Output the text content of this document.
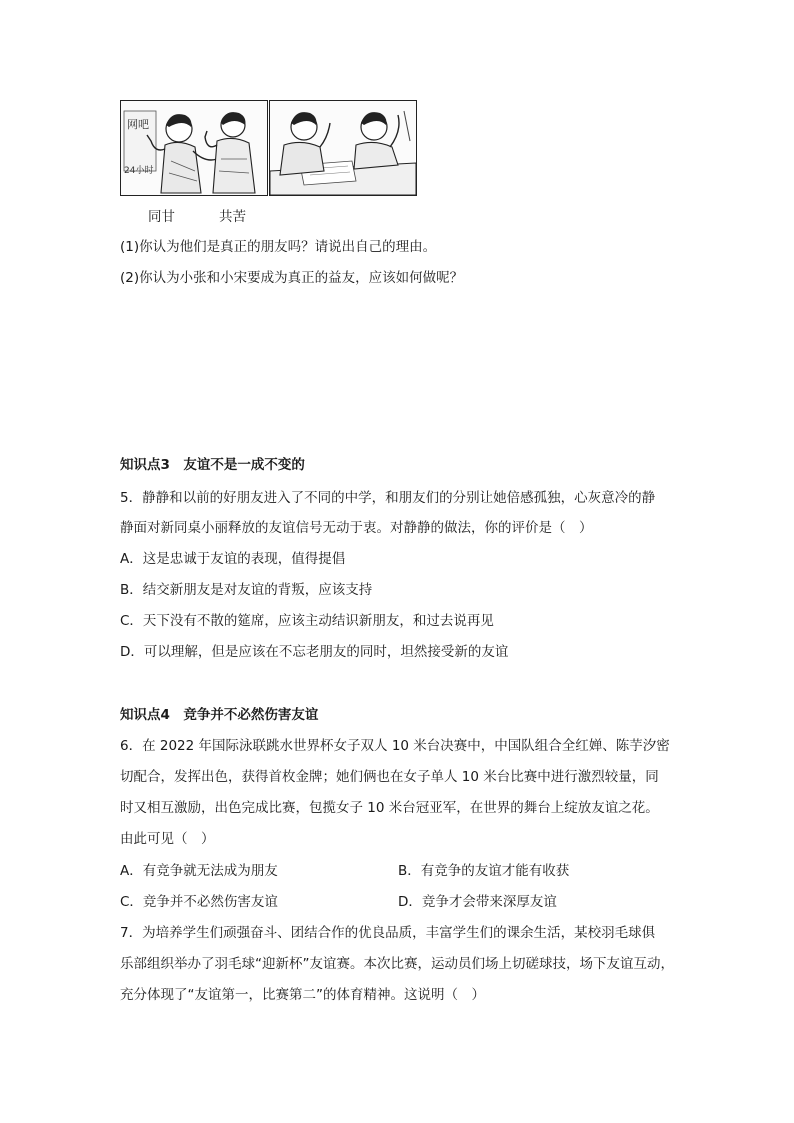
网吧
24小时
同甘	共苦
(1)你认为他们是真正的朋友吗？请说出自己的理由。
(2)你认为小张和小宋要成为真正的益友，应该如何做呢？
知识点3　友谊不是一成不变的
5．静静和以前的好朋友进入了不同的中学，和朋友们的分别让她倍感孤独，心灰意冷的静
静面对新同桌小丽释放的友谊信号无动于衷。对静静的做法，你的评价是（　）
A．这是忠诚于友谊的表现，值得提倡
B．结交新朋友是对友谊的背叛，应该支持
C．天下没有不散的筵席，应该主动结识新朋友，和过去说再见
D．可以理解，但是应该在不忘老朋友的同时，坦然接受新的友谊
知识点4　竞争并不必然伤害友谊
6．在 2022 年国际泳联跳水世界杯女子双人 10 米台决赛中，中国队组合全红婵、陈芋汐密
切配合，发挥出色，获得首枚金牌；她们俩也在女子单人 10 米台比赛中进行激烈较量，同
时又相互激励，出色完成比赛，包揽女子 10 米台冠亚军，在世界的舞台上绽放友谊之花。
由此可见（　）
A．有竞争就无法成为朋友	B．有竞争的友谊才能有收获
C．竞争并不必然伤害友谊	D．竞争才会带来深厚友谊
7．为培养学生们顽强奋斗、团结合作的优良品质，丰富学生们的课余生活，某校羽毛球俱
乐部组织举办了羽毛球“迎新杯”友谊赛。本次比赛，运动员们场上切磋球技，场下友谊互动，
充分体现了“友谊第一，比赛第二”的体育精神。这说明（　）
